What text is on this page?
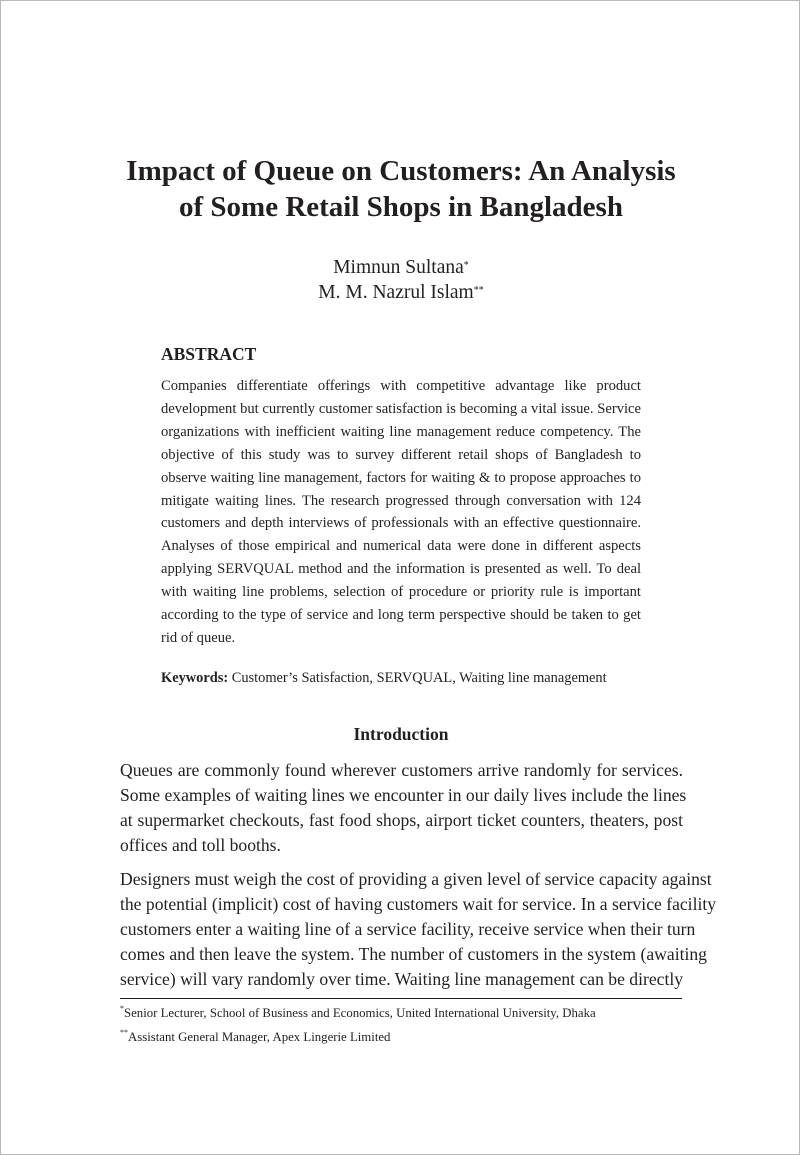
Impact of Queue on Customers: An Analysis
of Some Retail Shops in Bangladesh
Mimnun Sultana*
M. M. Nazrul Islam**
ABSTRACT

Companies differentiate offerings with competitive advantage like product
development but currently customer satisfaction is becoming a vital issue. Service
organizations with inefficient waiting line management reduce competency. The
objective of this study was to survey different retail shops of Bangladesh to
observe waiting line management, factors for waiting & to propose approaches to
mitigate waiting lines. The research progressed through conversation with 124
customers and depth interviews of professionals with an effective questionnaire.
Analyses of those empirical and numerical data were done in different aspects
applying SERVQUAL method and the information is presented as well. To deal
with waiting line problems, selection of procedure or priority rule is important
according to the type of service and long term perspective should be taken to get
rid of queue.

Keywords: Customer’s Satisfaction, SERVQUAL, Waiting line management
Introduction

Queues are commonly found wherever customers arrive randomly for services.
Some examples of waiting lines we encounter in our daily lives include the lines
at supermarket checkouts, fast food shops, airport ticket counters, theaters, post
offices and toll booths.

Designers must weigh the cost of providing a given level of service capacity against
the potential (implicit) cost of having customers wait for service. In a service facility
customers enter a waiting line of a service facility, receive service when their turn
comes and then leave the system. The number of customers in the system (awaiting
service) will vary randomly over time. Waiting line management can be directly

*Senior Lecturer, School of Business and Economics, United International University, Dhaka
**Assistant General Manager, Apex Lingerie Limited
